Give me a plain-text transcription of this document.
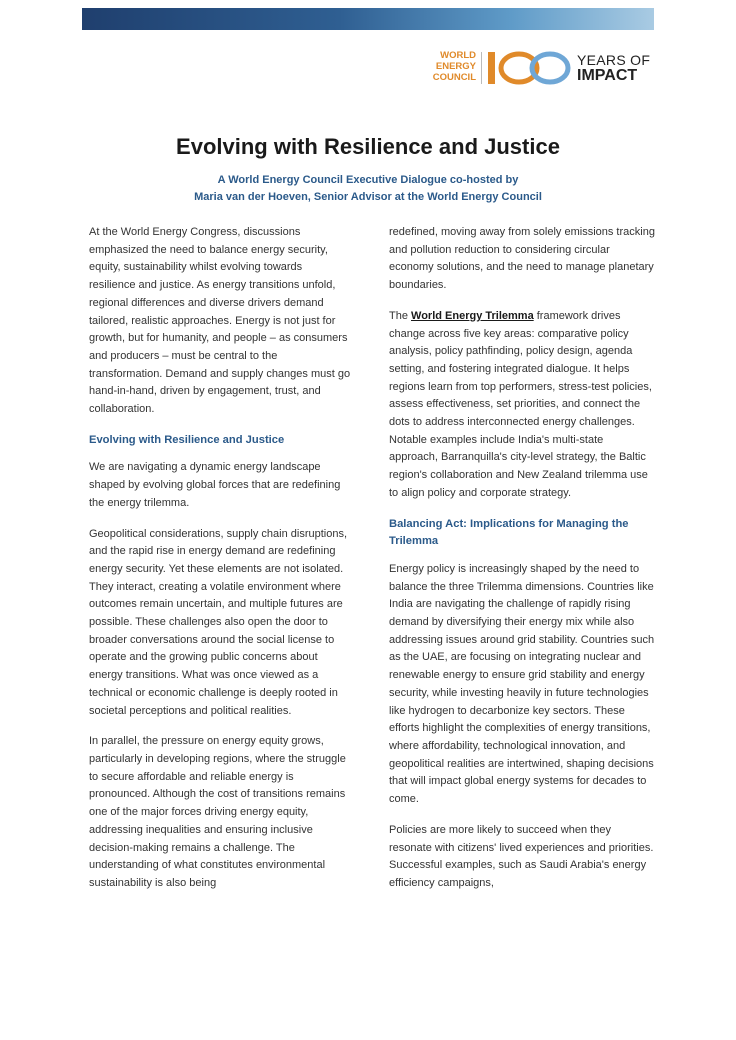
WORLD
ENERGY
COUNCIL
YEARS OF
IMPACT
Evolving with Resilience and Justice
A World Energy Council Executive Dialogue co-hosted by
Maria van der Hoeven, Senior Advisor at the World Energy Council

At the World Energy Congress, discussions emphasized the need to balance energy security, equity, sustainability whilst evolving towards resilience and justice. As energy transitions unfold, regional differences and diverse drivers demand tailored, realistic approaches. Energy is not just for growth, but for humanity, and people – as consumers and producers – must be central to the transformation. Demand and supply changes must go hand-in-hand, driven by engagement, trust, and collaboration.

Evolving with Resilience and Justice

We are navigating a dynamic energy landscape shaped by evolving global forces that are redefining the energy trilemma.

Geopolitical considerations, supply chain disruptions, and the rapid rise in energy demand are redefining energy security. Yet these elements are not isolated. They interact, creating a volatile environment where outcomes remain uncertain, and multiple futures are possible. These challenges also open the door to broader conversations around the social license to operate and the growing public concerns about energy transitions. What was once viewed as a technical or economic challenge is deeply rooted in societal perceptions and political realities.

In parallel, the pressure on energy equity grows, particularly in developing regions, where the struggle to secure affordable and reliable energy is pronounced. Although the cost of transitions remains one of the major forces driving energy equity, addressing inequalities and ensuring inclusive decision-making remains a challenge. The understanding of what constitutes environmental sustainability is also being

redefined, moving away from solely emissions tracking and pollution reduction to considering circular economy solutions, and the need to manage planetary boundaries.

The World Energy Trilemma framework drives change across five key areas: comparative policy analysis, policy pathfinding, policy design, agenda setting, and fostering integrated dialogue. It helps regions learn from top performers, stress-test policies, assess effectiveness, set priorities, and connect the dots to address interconnected energy challenges. Notable examples include India's multi-state approach, Barranquilla's city-level strategy, the Baltic region's collaboration and New Zealand trilemma use to align policy and corporate strategy.

Balancing Act: Implications for Managing the Trilemma

Energy policy is increasingly shaped by the need to balance the three Trilemma dimensions. Countries like India are navigating the challenge of rapidly rising demand by diversifying their energy mix while also addressing issues around grid stability. Countries such as the UAE, are focusing on integrating nuclear and renewable energy to ensure grid stability and energy security, while investing heavily in future technologies like hydrogen to decarbonize key sectors. These efforts highlight the complexities of energy transitions, where affordability, technological innovation, and geopolitical realities are intertwined, shaping decisions that will impact global energy systems for decades to come.

Policies are more likely to succeed when they resonate with citizens' lived experiences and priorities. Successful examples, such as Saudi Arabia's energy efficiency campaigns,
